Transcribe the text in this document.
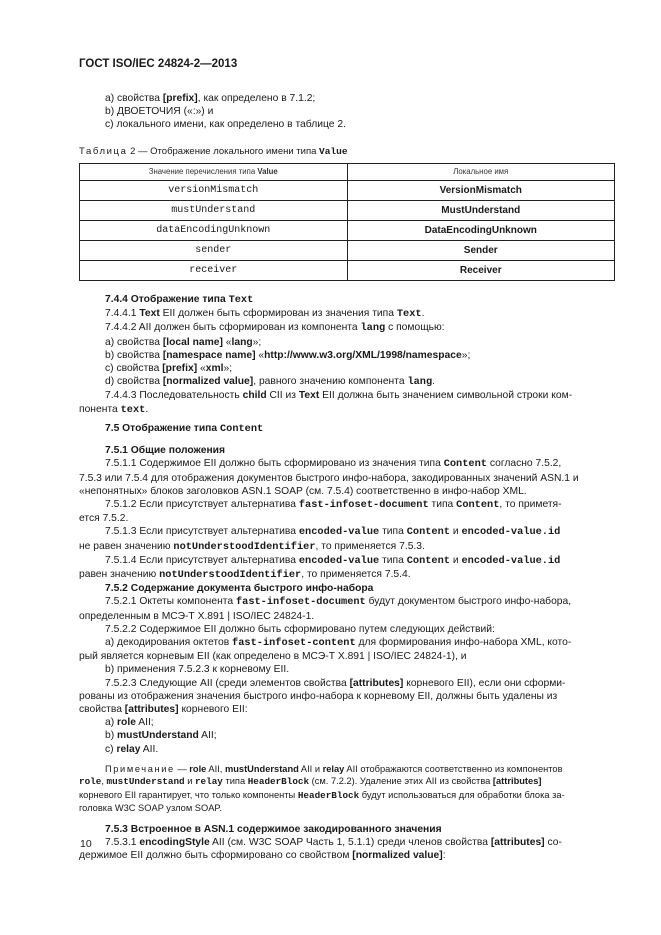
ГОСТ ISO/IEC 24824-2—2013

a) свойства [prefix], как определено в 7.1.2;

b) ДВОЕТОЧИЯ («:») и

c) локального имени, как определено в таблице 2.

Таблица 2 — Отображение локального имени типа Value
Значение перечисления типа Value	Локальное имя
versionMismatch	VersionMismatch
mustUnderstand	MustUnderstand
dataEncodingUnknown	DataEncodingUnknown
sender	Sender
receiver	Receiver

7.4.4 Отображение типа Text

7.4.4.1 Text EII должен быть сформирован из значения типа Text.

7.4.4.2 AII должен быть сформирован из компонента lang с помощью:

a) свойства [local name] «lang»;

b) свойства [namespace name] «http://www.w3.org/XML/1998/namespace»;

c) свойства [prefix] «xml»;

d) свойства [normalized value], равного значению компонента lang.

7.4.4.3 Последовательность child CII из Text EII должна быть значением символьной строки ком-

понента text.

7.5 Отображение типа Content

7.5.1 Общие положения

7.5.1.1 Содержимое EII должно быть сформировано из значения типа Content согласно 7.5.2,

7.5.3 или 7.5.4 для отображения документов быстрого инфо-набора, закодированных значений ASN.1 и

«непонятных» блоков заголовков ASN.1 SOAP (см. 7.5.4) соответственно в инфо-набор XML.

7.5.1.2 Если присутствует альтернатива fast-infoset-document типа Content, то приметя-

ется 7.5.2.

7.5.1.3 Если присутствует альтернатива encoded-value типа Content и encoded-value.id

не равен значению notUnderstoodIdentifier, то применяется 7.5.3.

7.5.1.4 Если присутствует альтернатива encoded-value типа Content и encoded-value.id

равен значению notUnderstoodIdentifier, то применяется 7.5.4.

7.5.2 Содержание документа быстрого инфо-набора

7.5.2.1 Октеты компонента fast-infoset-document будут документом быстрого инфо-набора,

определенным в МСЭ-Т X.891 | ISO/IEC 24824-1.

7.5.2.2 Содержимое EII должно быть сформировано путем следующих действий:

a) декодирования октетов fast-infoset-content для формирования инфо-набора XML, кото-

рый является корневым EII (как определено в МСЭ-Т X.891 | ISO/IEC 24824-1), и

b) применения 7.5.2.3 к корневому EII.

7.5.2.3 Следующие AII (среди элементов свойства [attributes] корневого EII), если они сформи-

рованы из отображения значения быстрого инфо-набора к корневому EII, должны быть удалены из

свойства [attributes] корневого EII:

a) role AII;

b) mustUnderstand AII;

c) relay AII.

Примечание — role AII, mustUnderstand AII и relay AII отображаются соответственно из компонентов

role, mustUnderstand и relay типа HeaderBlock (см. 7.2.2). Удаление этих AII из свойства [attributes]

корневого EII гарантирует, что только компоненты HeaderBlock будут использоваться для обработки блока за-

головка W3C SOAP узлом SOAP.

7.5.3 Встроенное в ASN.1 содержимое закодированного значения

7.5.3.1 encodingStyle AII (см. W3C SOAP Часть 1, 5.1.1) среди членов свойства [attributes] со-

держимое EII должно быть сформировано со свойством [normalized value]:

10
